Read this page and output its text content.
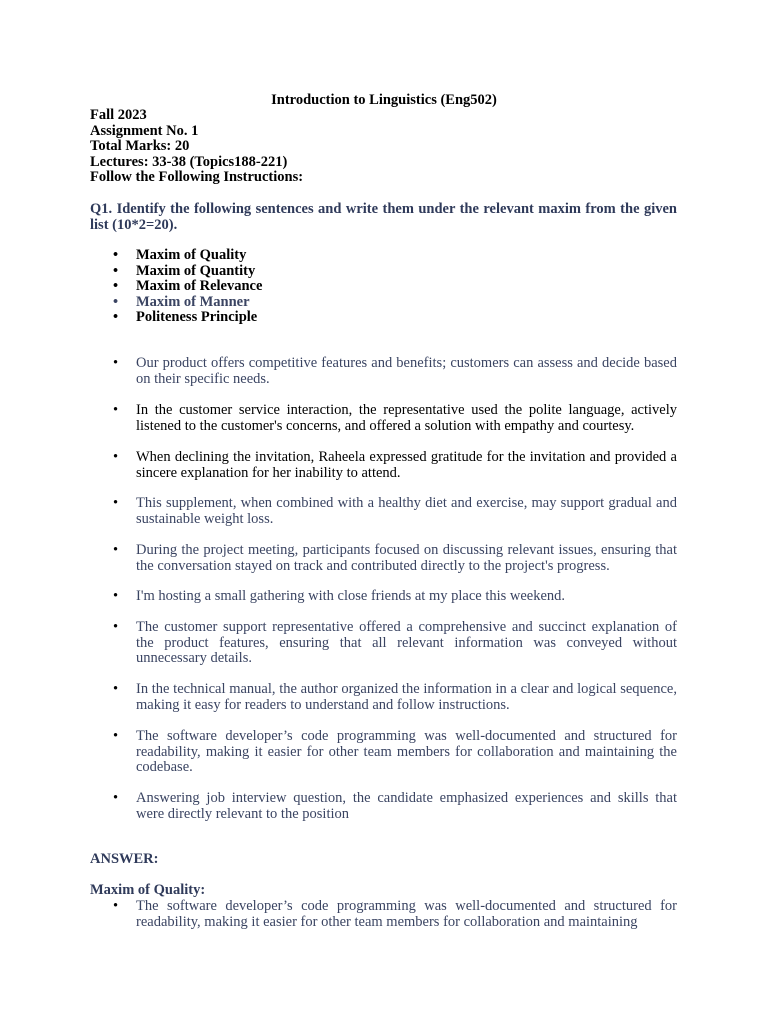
Introduction to Linguistics (Eng502)
Fall 2023
Assignment No. 1
Total Marks: 20
Lectures: 33-38 (Topics188-221)
Follow the Following Instructions:
Q1. Identify the following sentences and write them under the relevant maxim from the given list (10*2=20).
• Maxim of Quality
• Maxim of Quantity
• Maxim of Relevance
• Maxim of Manner
• Politeness Principle
• Our product offers competitive features and benefits; customers can assess and decide based on their specific needs.
• In the customer service interaction, the representative used the polite language, actively listened to the customer's concerns, and offered a solution with empathy and courtesy.
• When declining the invitation, Raheela expressed gratitude for the invitation and provided a sincere explanation for her inability to attend.
• This supplement, when combined with a healthy diet and exercise, may support gradual and sustainable weight loss.
• During the project meeting, participants focused on discussing relevant issues, ensuring that the conversation stayed on track and contributed directly to the project's progress.
• I'm hosting a small gathering with close friends at my place this weekend.
• The customer support representative offered a comprehensive and succinct explanation of the product features, ensuring that all relevant information was conveyed without unnecessary details.
• In the technical manual, the author organized the information in a clear and logical sequence, making it easy for readers to understand and follow instructions.
• The software developer’s code programming was well-documented and structured for readability, making it easier for other team members for collaboration and maintaining the codebase.
• Answering job interview question, the candidate emphasized experiences and skills that were directly relevant to the position
ANSWER:
Maxim of Quality:
• The software developer’s code programming was well-documented and structured for readability, making it easier for other team members for collaboration and maintaining
